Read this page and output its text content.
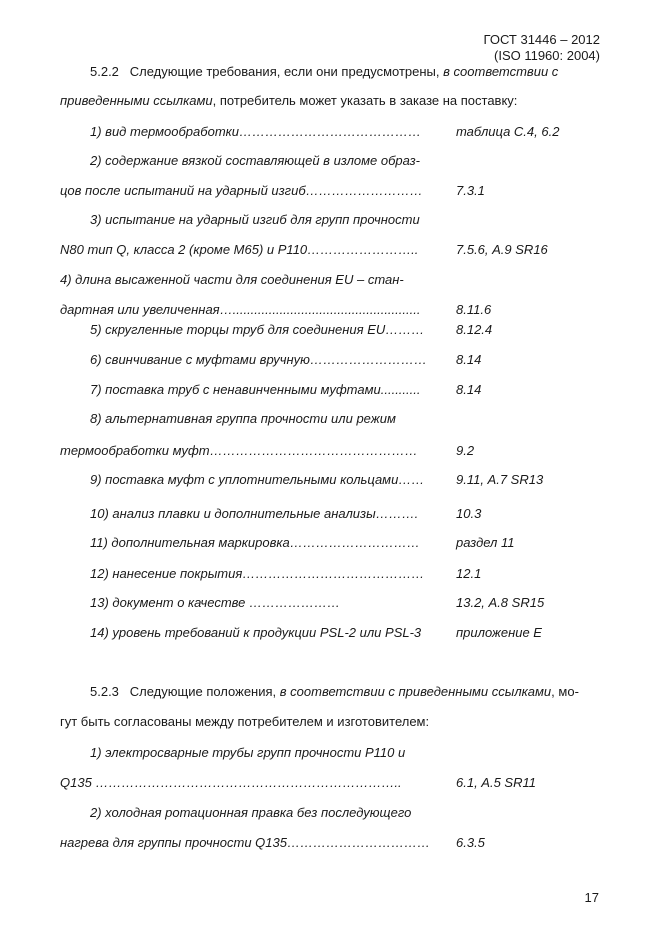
ГОСТ 31446 – 2012
(ISO 11960: 2004)
5.2.2 Следующие требования, если они предусмотрены, в соответствии с
приведенными ссылками, потребитель может указать в заказе на поставку:
1) вид термообработки……………………………………	таблица С.4, 6.2
2) содержание вязкой составляющей в изломе образ-
цов после испытаний на ударный изгиб………………………	7.3.1
3) испытание на ударный изгиб для групп прочности
N80 тип Q, класса 2 (кроме M65) и Р110……………………..	7.5.6, А.9 SR16
4) длина высаженной части для соединения EU – стан-
дартная или увеличенная…....................................................	8.11.6
5) скругленные торцы труб для соединения EU……… 8.12.4
6) свинчивание с муфтами вручную……………………… 8.14
7) поставка труб с ненавинченными муфтами...........	8.14
8) альтернативная группа прочности или режим
термообработки муфт…………………………………………	9.2
9) поставка муфт с уплотнительными кольцами…… 9.11, А.7 SR13
10) анализ плавки и дополнительные анализы……….	10.3
11) дополнительная маркировка…………………………	раздел 11
12) нанесение покрытия…………………………………… 12.1
13) документ о качестве …………………	13.2, А.8 SR15
14) уровень требований к продукции PSL-2 или PSL-3	приложение Е
5.2.3 Следующие положения, в соответствии с приведенными ссылками, мо-
гут быть согласованы между потребителем и изготовителем:
1) электросварные трубы групп прочности Р110 и
Q135 ……………………………………………………………..	6.1, А.5 SR11
2) холодная ротационная правка без последующего
нагрева для группы прочности Q135…………………………… 6.3.5
17
